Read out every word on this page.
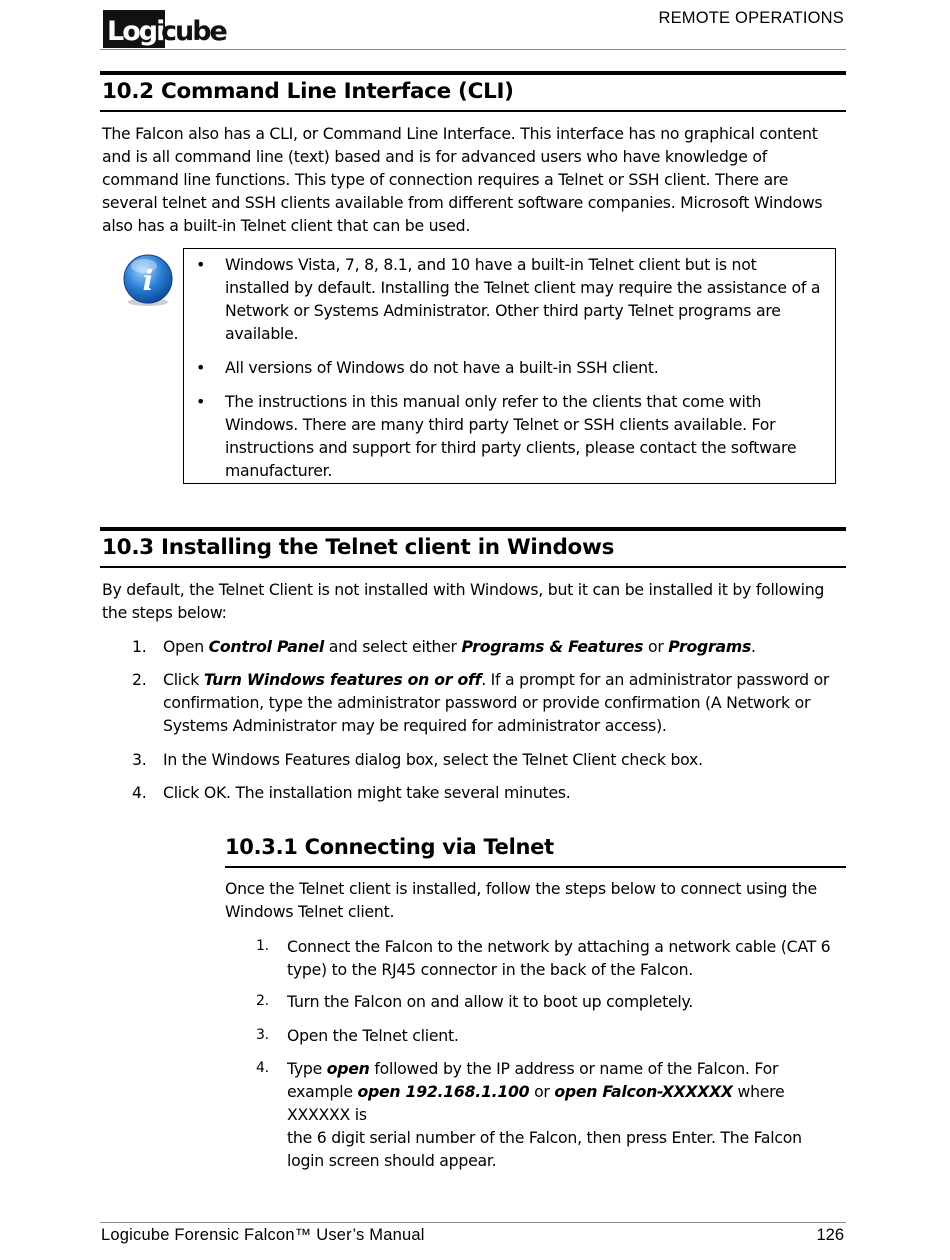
Logi
cube	REMOTE OPERATIONS
10.2 Command Line Interface (CLI)
The Falcon also has a CLI, or Command Line Interface. This interface has no graphical content
and is all command line (text) based and is for advanced users who have knowledge of
command line functions. This type of connection requires a Telnet or SSH client. There are
several telnet and SSH clients available from different software companies. Microsoft Windows
also has a built-in Telnet client that can be used.
i	• Windows Vista, 7, 8, 8.1, and 10 have a built-in Telnet client but is not
installed by default. Installing the Telnet client may require the assistance of a
Network or Systems Administrator. Other third party Telnet programs are
available.
• All versions of Windows do not have a built-in SSH client.
• The instructions in this manual only refer to the clients that come with
Windows. There are many third party Telnet or SSH clients available. For
instructions and support for third party clients, please contact the software
manufacturer.
10.3 Installing the Telnet client in Windows
By default, the Telnet Client is not installed with Windows, but it can be installed it by following
the steps below:
1.	Open Control Panel and select either Programs & Features or Programs.
2.	Click Turn Windows features on or off. If a prompt for an administrator password or
confirmation, type the administrator password or provide confirmation (A Network or
Systems Administrator may be required for administrator access).
3.	In the Windows Features dialog box, select the Telnet Client check box.
4.	Click OK. The installation might take several minutes.
10.3.1 Connecting via Telnet
Once the Telnet client is installed, follow the steps below to connect using the
Windows Telnet client.
1.	Connect the Falcon to the network by attaching a network cable (CAT 6
type) to the RJ45 connector in the back of the Falcon.
2.	Turn the Falcon on and allow it to boot up completely.
3.	Open the Telnet client.
4.	Type open followed by the IP address or name of the Falcon. For
example open 192.168.1.100 or open Falcon-XXXXXX where XXXXXX is
the 6 digit serial number of the Falcon, then press Enter. The Falcon
login screen should appear.
Logicube Forensic Falcon™ User’s Manual	126
